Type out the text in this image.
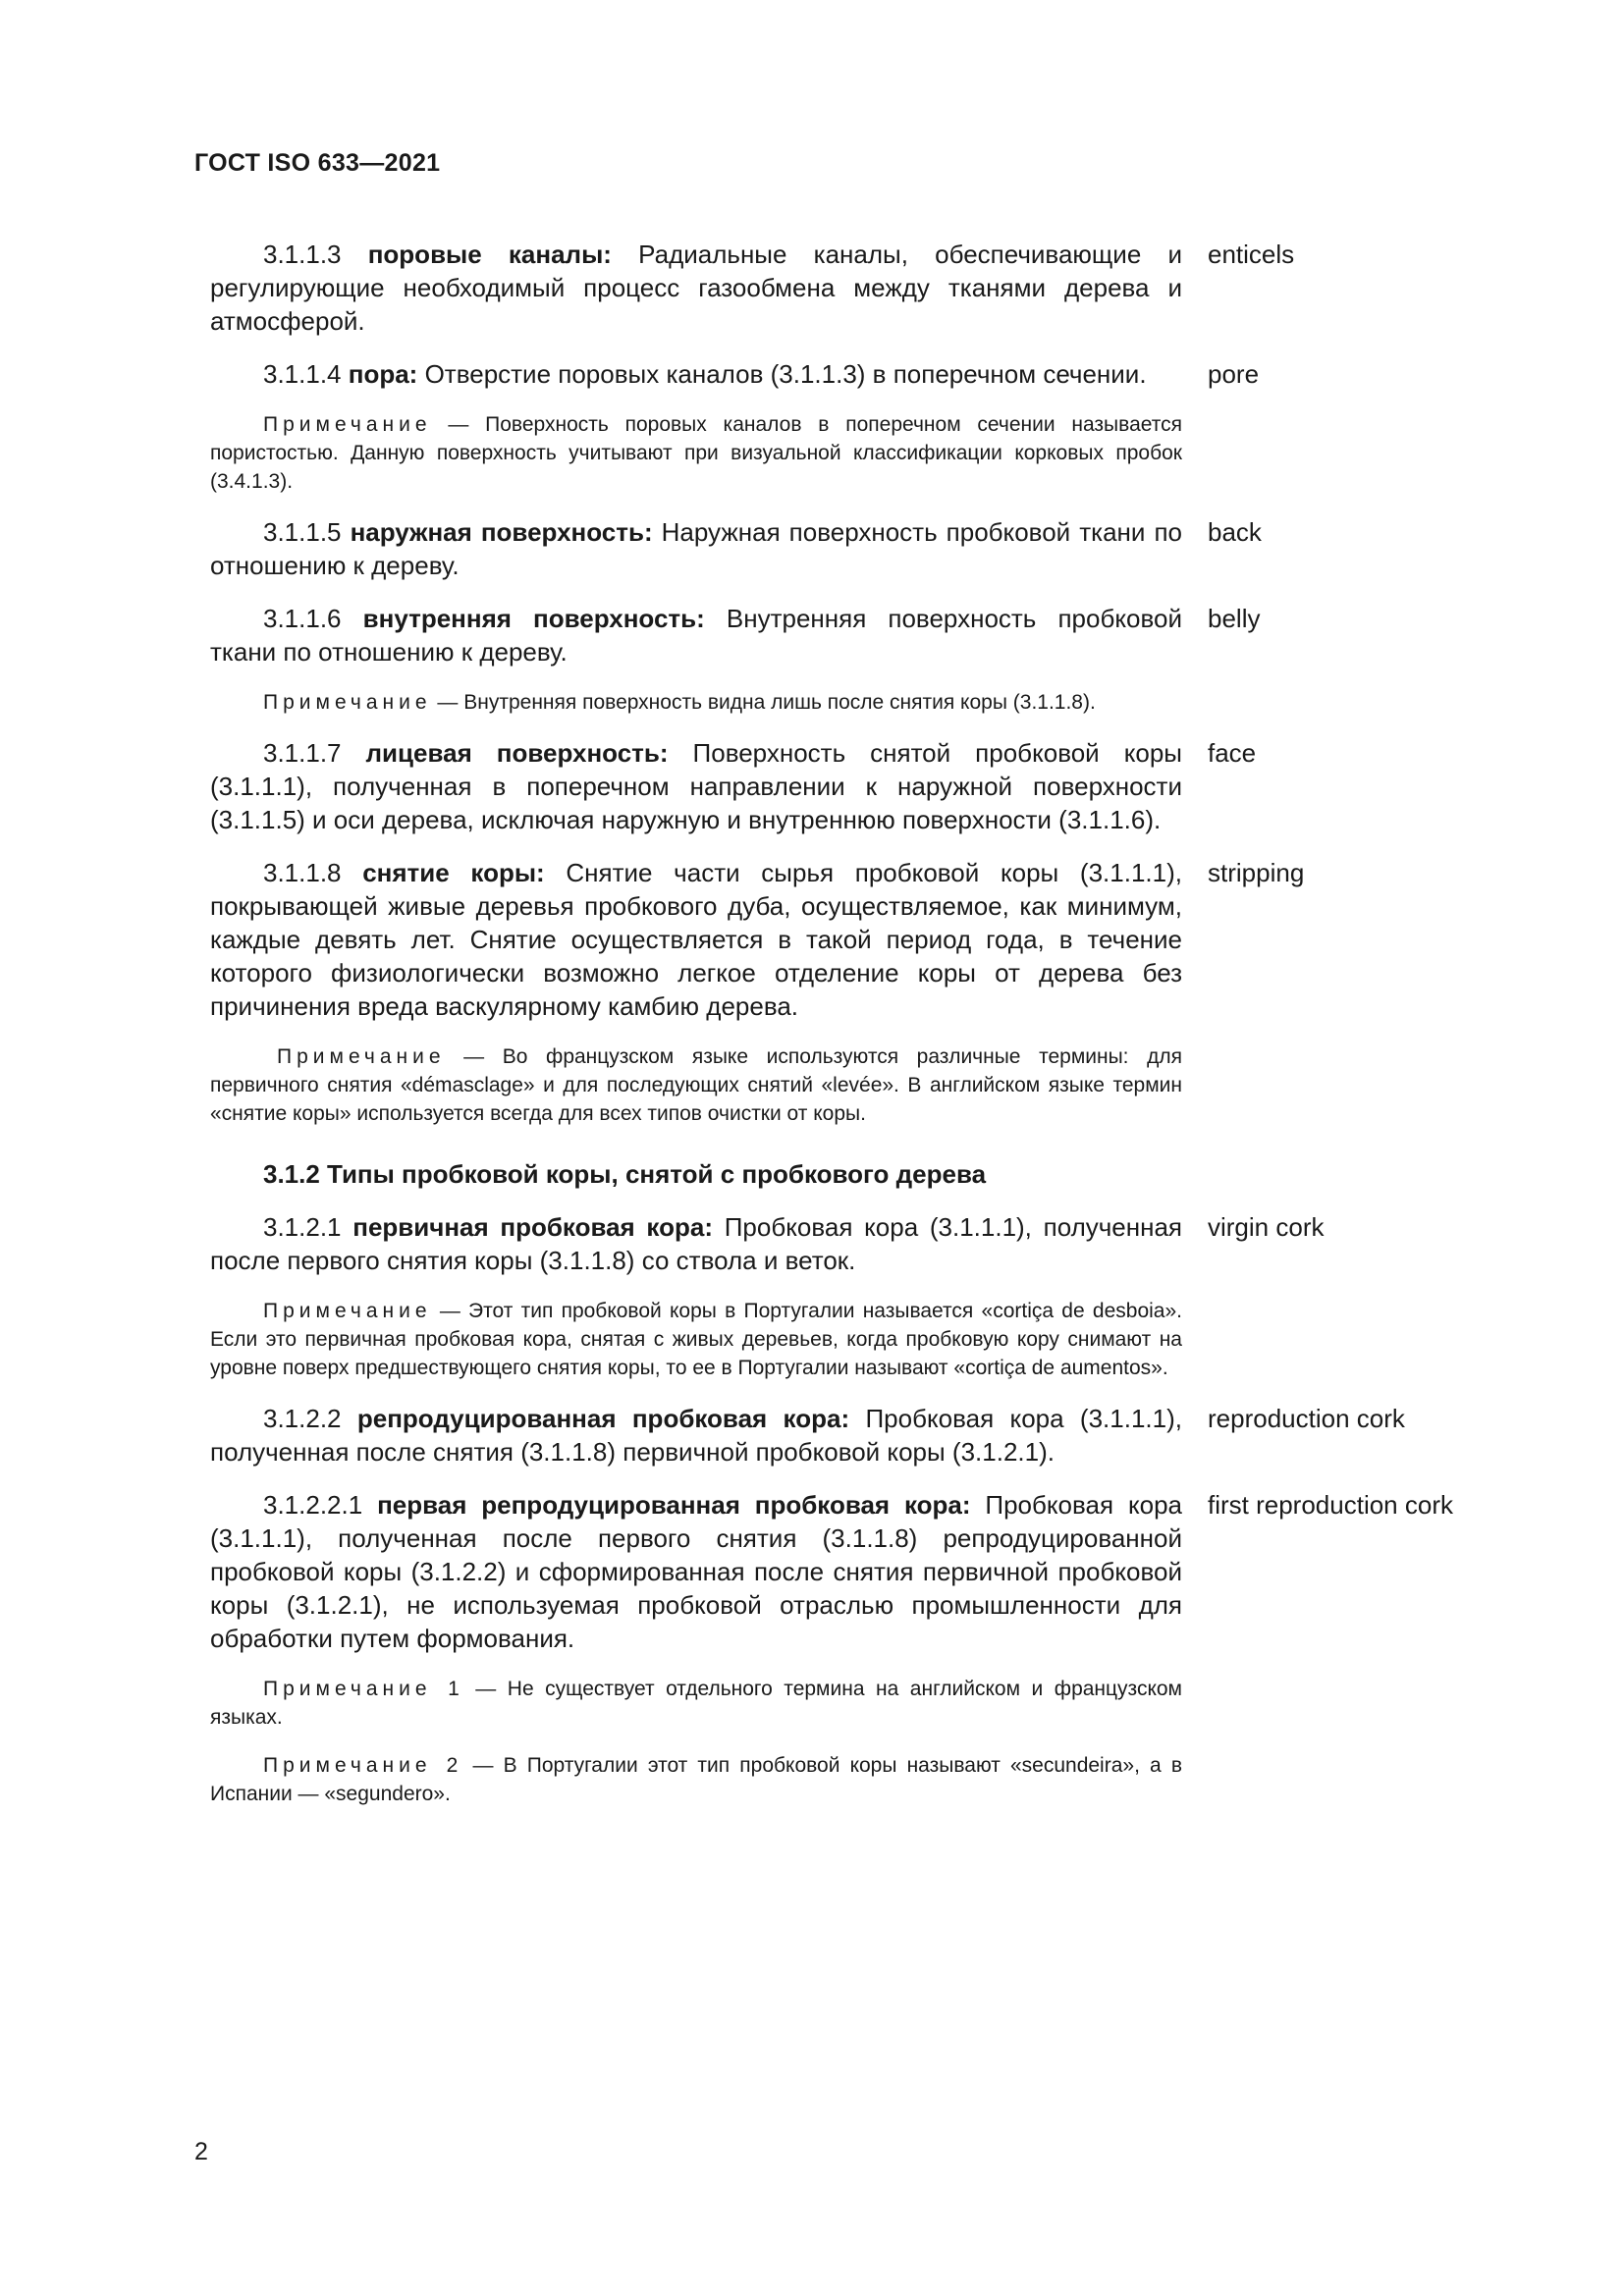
ГОСТ ISO 633—2021
3.1.1.3 поровые каналы: Радиальные каналы, обеспечивающие и регулирующие необходимый процесс газообмена между тканями дерева и атмосферой.
enticels
3.1.1.4 пора: Отверстие поровых каналов (3.1.1.3) в поперечном сечении.	pore
Примечание — Поверхность поровых каналов в поперечном сечении называется пористостью. Данную поверхность учитывают при визуальной классификации корковых пробок (3.4.1.3).
3.1.1.5 наружная поверхность: Наружная поверхность пробковой ткани по отношению к дереву.
back
3.1.1.6 внутренняя поверхность: Внутренняя поверхность пробковой ткани по отношению к дереву.
belly
Примечание — Внутренняя поверхность видна лишь после снятия коры (3.1.1.8).
3.1.1.7 лицевая поверхность: Поверхность снятой пробковой коры (3.1.1.1), полученная в поперечном направлении к наружной поверхности (3.1.1.5) и оси дерева, исключая наружную и внутреннюю поверхности (3.1.1.6).
face
3.1.1.8 снятие коры: Снятие части сырья пробковой коры (3.1.1.1), покрывающей живые деревья пробкового дуба, осуществляемое, как минимум, каждые девять лет. Снятие осуществляется в такой период года, в течение которого физиологически возможно легкое отделение коры от дерева без причинения вреда васкулярному камбию дерева.
stripping
Примечание — Во французском языке используются различные термины: для первичного снятия «démasclage» и для последующих снятий «levée». В английском языке термин «снятие коры» используется всегда для всех типов очистки от коры.
3.1.2 Типы пробковой коры, снятой с пробкового дерева
3.1.2.1 первичная пробковая кора: Пробковая кора (3.1.1.1), полученная после первого снятия коры (3.1.1.8) со ствола и веток.
virgin cork
Примечание — Этот тип пробковой коры в Португалии называется «cortiça de desboia». Если это первичная пробковая кора, снятая с живых деревьев, когда пробковую кору снимают на уровне поверх предшествующего снятия коры, то ее в Португалии называют «cortiça de aumentos».
3.1.2.2 репродуцированная пробковая кора: Пробковая кора (3.1.1.1), полученная после снятия (3.1.1.8) первичной пробковой коры (3.1.2.1).
reproduction cork
3.1.2.2.1 первая репродуцированная пробковая кора: Пробковая кора (3.1.1.1), полученная после первого снятия (3.1.1.8) репродуцированной пробковой коры (3.1.2.2) и сформированная после снятия первичной пробковой коры (3.1.2.1), не используемая пробковой отраслью промышленности для обработки путем формования.
first reproduction cork
Примечание 1 — Не существует отдельного термина на английском и французском языках.
Примечание 2 — В Португалии этот тип пробковой коры называют «secundeira», а в Испании — «segundero».
2
